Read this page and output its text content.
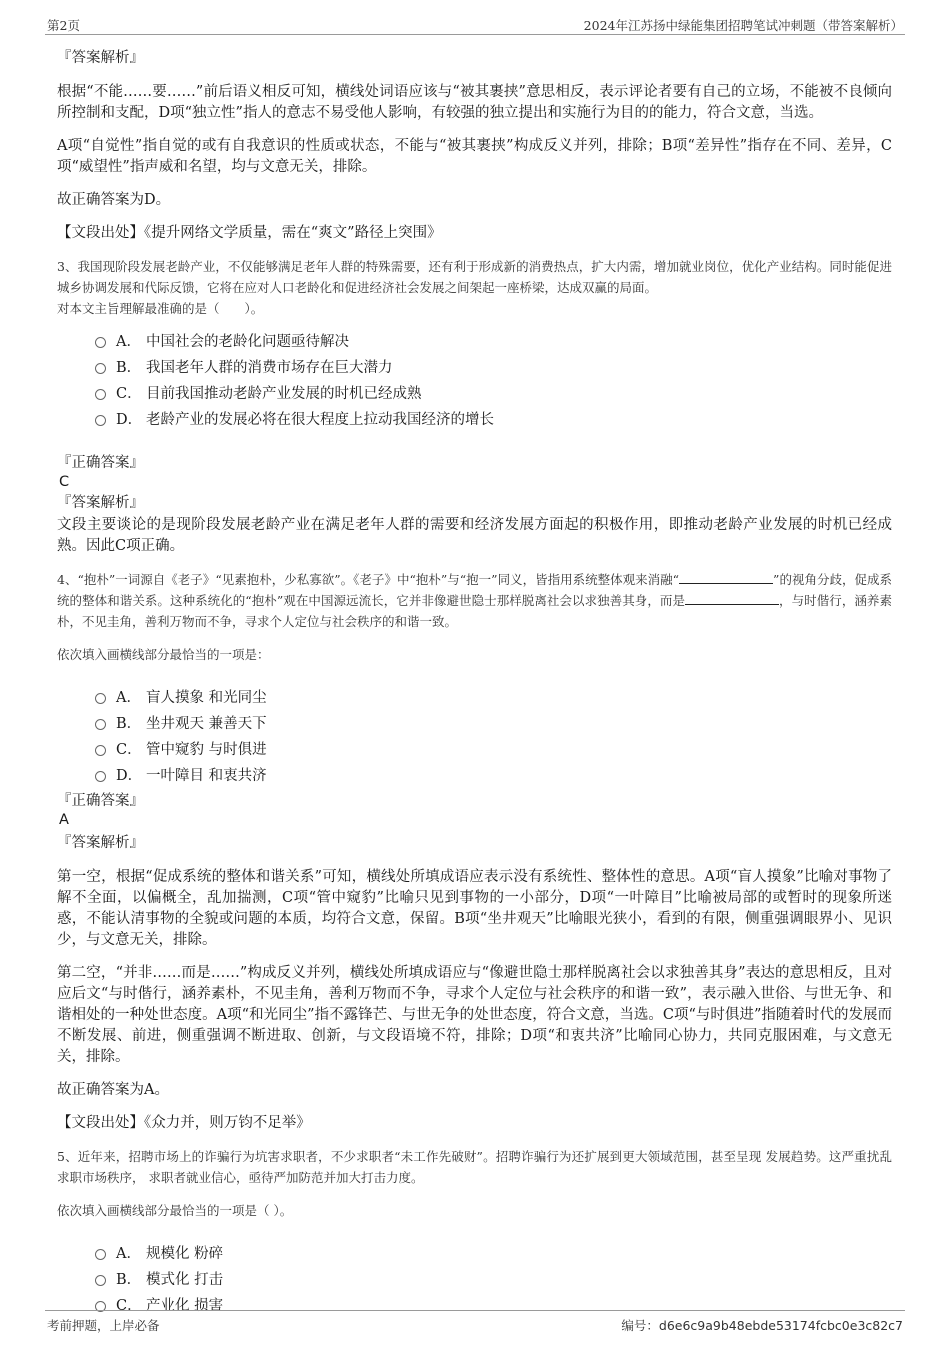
第2页	2024年江苏扬中绿能集团招聘笔试冲刺题（带答案解析）
『答案解析』

根据“不能……要……”前后语义相反可知，横线处词语应该与“被其裹挟”意思相反，表示评论者要有自己的立场，不能被不良倾向所控制和支配，D项“独立性”指人的意志不易受他人影响，有较强的独立提出和实施行为目的的能力，符合文意，当选。

A项“自觉性”指自觉的或有自我意识的性质或状态，不能与“被其裹挟”构成反义并列，排除；B项“差异性”指存在不同、差异，C项“威望性”指声威和名望，均与文意无关，排除。

故正确答案为D。

【文段出处】《提升网络文学质量，需在“爽文”路径上突围》

3、我国现阶段发展老龄产业，不仅能够满足老年人群的特殊需要，还有利于形成新的消费热点，扩大内需，增加就业岗位，优化产业结构。同时能促进城乡协调发展和代际反馈，它将在应对人口老龄化和促进经济社会发展之间架起一座桥梁，达成双赢的局面。

对本文主旨理解最准确的是（　　）。

A． 中国社会的老龄化问题亟待解决
B． 我国老年人群的消费市场存在巨大潜力
C． 目前我国推动老龄产业发展的时机已经成熟
D． 老龄产业的发展必将在很大程度上拉动我国经济的增长
『正确答案』
C
『答案解析』

文段主要谈论的是现阶段发展老龄产业在满足老年人群的需要和经济发展方面起的积极作用，即推动老龄产业发展的时机已经成熟。因此C项正确。

4、“抱朴”一词源自《老子》“见素抱朴，少私寡欲”。《老子》中“抱朴”与“抱一”同义，皆指用系统整体观来消融“	”的视角分歧，促成系统的整体和谐关系。这种系统化的“抱朴”观在中国源远流长，它并非像避世隐士那样脱离社会以求独善其身，而是	，与时偕行，涵养素朴，不见圭角，善利万物而不争，寻求个人定位与社会秩序的和谐一致。

依次填入画横线部分最恰当的一项是：

A． 盲人摸象 和光同尘
B． 坐井观天 兼善天下
C． 管中窥豹 与时俱进
D． 一叶障目 和衷共济
『正确答案』
A
『答案解析』

第一空，根据“促成系统的整体和谐关系”可知，横线处所填成语应表示没有系统性、整体性的意思。A项“盲人摸象”比喻对事物了解不全面，以偏概全，乱加揣测，C项“管中窥豹”比喻只见到事物的一小部分，D项“一叶障目”比喻被局部的或暂时的现象所迷惑，不能认清事物的全貌或问题的本质，均符合文意，保留。B项“坐井观天”比喻眼光狭小，看到的有限，侧重强调眼界小、见识少，与文意无关，排除。

第二空，“并非……而是……”构成反义并列，横线处所填成语应与“像避世隐士那样脱离社会以求独善其身”表达的意思相反，且对应后文“与时偕行，涵养素朴，不见圭角，善利万物而不争，寻求个人定位与社会秩序的和谐一致”，表示融入世俗、与世无争、和谐相处的一种处世态度。A项“和光同尘”指不露锋芒、与世无争的处世态度，符合文意，当选。C项“与时俱进”指随着时代的发展而不断发展、前进，侧重强调不断进取、创新，与文段语境不符，排除；D项“和衷共济”比喻同心协力，共同克服困难，与文意无关，排除。

故正确答案为A。

【文段出处】《众力并，则万钧不足举》

5、近年来，招聘市场上的诈骗行为坑害求职者，不少求职者“未工作先破财”。招聘诈骗行为还扩展到更大领域范围，甚至呈现 发展趋势。这严重扰乱求职市场秩序， 求职者就业信心，亟待严加防范并加大打击力度。

依次填入画横线部分最恰当的一项是（ ）。

A． 规模化 粉碎
B． 模式化 打击
C． 产业化 损害
考前押题，上岸必备	编号：d6e6c9a9b48ebde53174fcbc0e3c82c7
